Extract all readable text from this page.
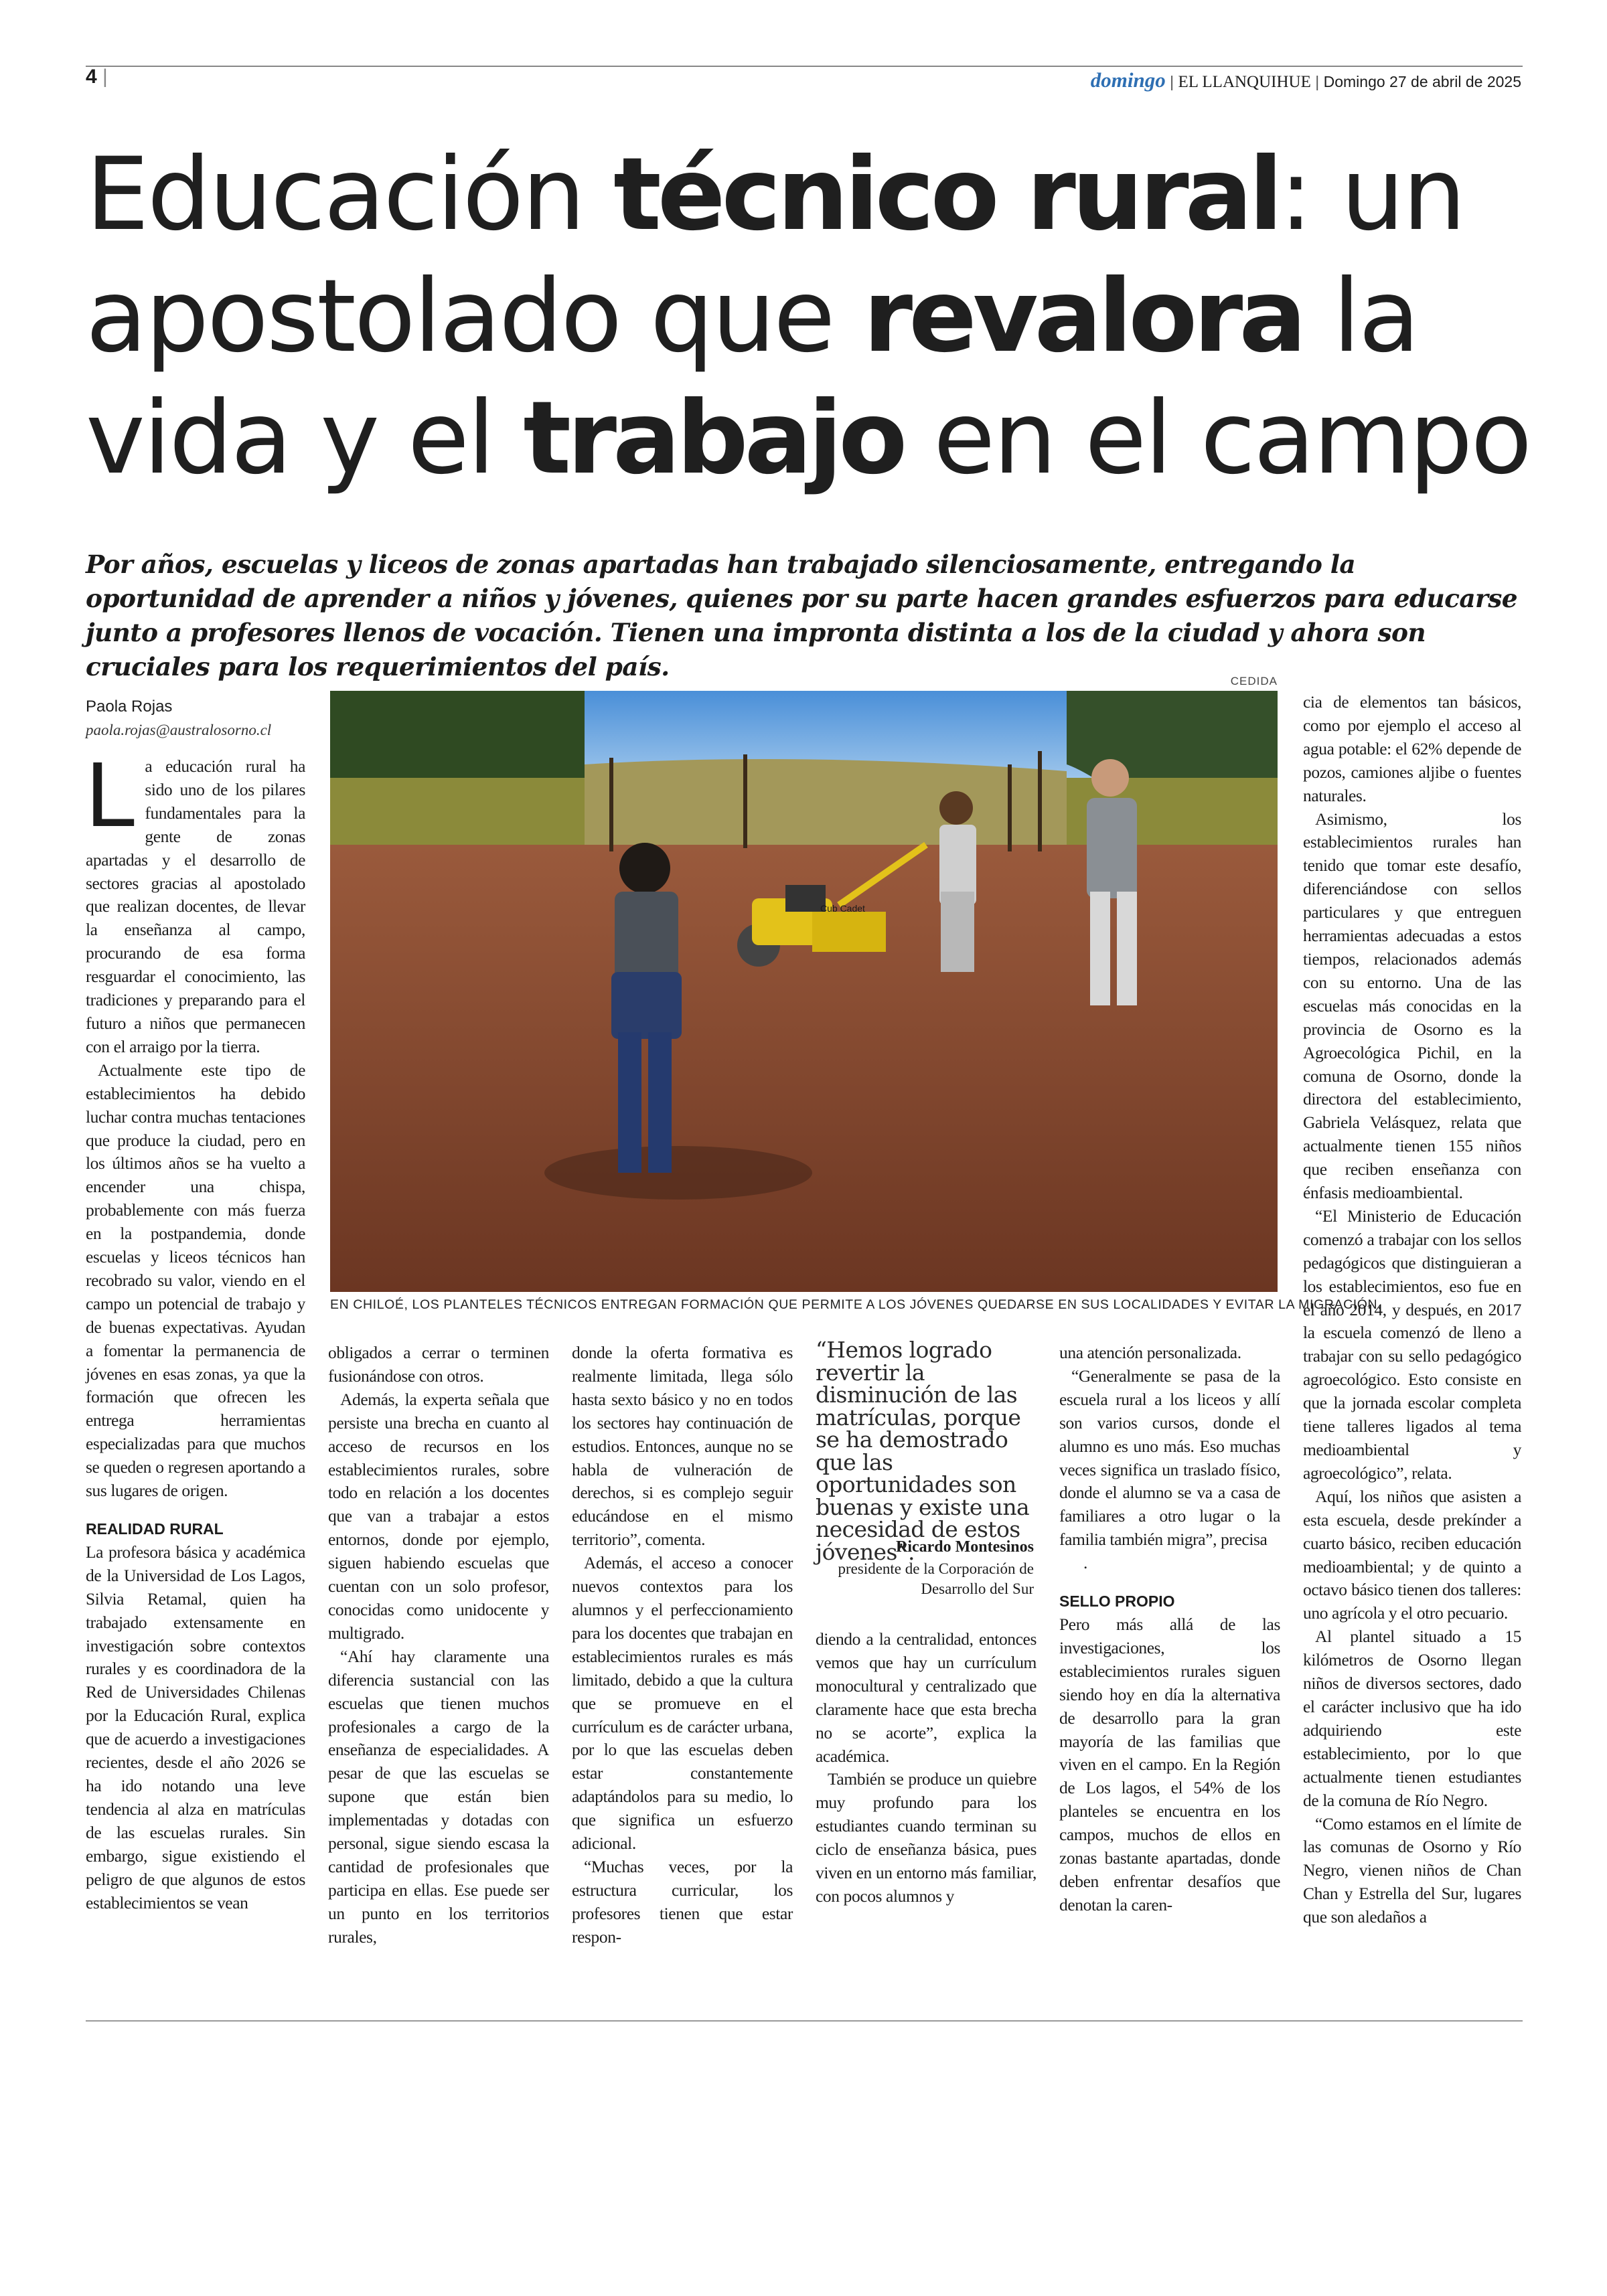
4 |	domingo | EL LLANQUIHUE | Domingo 27 de abril de 2025
Educación técnico rural: un
apostolado que revalora la
vida y el trabajo en el campo
Por años, escuelas y liceos de zonas apartadas han trabajado silenciosamente, entregando la oportunidad de aprender a niños y jóvenes, quienes por su parte hacen grandes esfuerzos para educarse junto a profesores llenos de vocación. Tienen una impronta distinta a los de la ciudad y ahora son cruciales para los requerimientos del país.
Paola Rojas
paola.rojas@australosorno.cl
CEDIDA
Cub Cadet
EN CHILOÉ, LOS PLANTELES TÉCNICOS ENTREGAN FORMACIÓN QUE PERMITE A LOS JÓVENES QUEDARSE EN SUS LOCALIDADES Y EVITAR LA MIGRACIÓN.

La educación rural ha sido uno de los pilares fundamentales para la gente de zonas apartadas y el desarrollo de sectores gracias al apostolado que realizan docentes, de llevar la enseñanza al campo, procurando de esa forma resguardar el conocimiento, las tradiciones y preparando para el futuro a niños que permanecen con el arraigo por la tierra.

Actualmente este tipo de establecimientos ha debido luchar contra muchas tentaciones que produce la ciudad, pero en los últimos años se ha vuelto a encender una chispa, probablemente con más fuerza en la postpandemia, donde escuelas y liceos técnicos han recobrado su valor, viendo en el campo un potencial de trabajo y de buenas expectativas. Ayudan a fomentar la permanencia de jóvenes en esas zonas, ya que la formación que ofrecen les entrega herramientas especializadas para que muchos se queden o regresen aportando a sus lugares de origen.

REALIDAD RURAL

La profesora básica y académica de la Universidad de Los Lagos, Silvia Retamal, quien ha trabajado extensamente en investigación sobre contextos rurales y es coordinadora de la Red de Universidades Chilenas por la Educación Rural, explica que de acuerdo a investigaciones recientes, desde el año 2026 se ha ido notando una leve tendencia al alza en matrículas de las escuelas rurales. Sin embargo, sigue existiendo el peligro de que algunos de estos establecimientos se vean

obligados a cerrar o terminen fusionándose con otros.

Además, la experta señala que persiste una brecha en cuanto al acceso de recursos en los establecimientos rurales, sobre todo en relación a los docentes que van a trabajar a estos entornos, donde por ejemplo, siguen habiendo escuelas que cuentan con un solo profesor, conocidas como unidocente y multigrado.

“Ahí hay claramente una diferencia sustancial con las escuelas que tienen muchos profesionales a cargo de la enseñanza de especialidades. A pesar de que las escuelas se supone que están bien implementadas y dotadas con personal, sigue siendo escasa la cantidad de profesionales que participa en ellas. Ese puede ser un punto en los territorios rurales,

donde la oferta formativa es realmente limitada, llega sólo hasta sexto básico y no en todos los sectores hay continuación de estudios. Entonces, aunque no se habla de vulneración de derechos, si es complejo seguir educándose en el mismo territorio”, comenta.

Además, el acceso a conocer nuevos contextos para los alumnos y el perfeccionamiento para los docentes que trabajan en establecimientos rurales es más limitado, debido a que la cultura que se promueve en el currículum es de carácter urbana, por lo que las escuelas deben estar constantemente adaptándolos para su medio, lo que significa un esfuerzo adicional.

“Muchas veces, por la estructura curricular, los profesores tienen que estar respon-

“Hemos logrado revertir la disminución de las matrículas, porque se ha demostrado que las oportunidades son buenas y existe una necesidad de estos jóvenes”.
Ricardo Montesinos
presidente de la Corporación de Desarrollo del Sur

diendo a la centralidad, entonces vemos que hay un currículum monocultural y centralizado que claramente hace que esta brecha no se acorte”, explica la académica.

También se produce un quiebre muy profundo para los estudiantes cuando terminan su ciclo de enseñanza básica, pues viven en un entorno más familiar, con pocos alumnos y

una atención personalizada.

“Generalmente se pasa de la escuela rural a los liceos y allí son varios cursos, donde el alumno es uno más. Eso muchas veces significa un traslado físico, donde el alumno se va a casa de familiares a otro lugar o la familia también migra”, precisa

.

SELLO PROPIO

Pero más allá de las investigaciones, los establecimientos rurales siguen siendo hoy en día la alternativa de desarrollo para la gran mayoría de las familias que viven en el campo. En la Región de Los lagos, el 54% de los planteles se encuentra en los campos, muchos de ellos en zonas bastante apartadas, donde deben enfrentar desafíos que denotan la caren-

cia de elementos tan básicos, como por ejemplo el acceso al agua potable: el 62% depende de pozos, camiones aljibe o fuentes naturales.

Asimismo, los establecimientos rurales han tenido que tomar este desafío, diferenciándose con sellos particulares y que entreguen herramientas adecuadas a estos tiempos, relacionados además con su entorno. Una de las escuelas más conocidas en la provincia de Osorno es la Agroecológica Pichil, en la comuna de Osorno, donde la directora del establecimiento, Gabriela Velásquez, relata que actualmente tienen 155 niños que reciben enseñanza con énfasis medioambiental.

“El Ministerio de Educación comenzó a trabajar con los sellos pedagógicos que distinguieran a los establecimientos, eso fue en el año 2014, y después, en 2017 la escuela comenzó de lleno a trabajar con su sello pedagógico agroecológico. Esto consiste en que la jornada escolar completa tiene talleres ligados al tema medioambiental y agroecológico”, relata.

Aquí, los niños que asisten a esta escuela, desde prekínder a cuarto básico, reciben educación medioambiental; y de quinto a octavo básico tienen dos talleres: uno agrícola y el otro pecuario.

Al plantel situado a 15 kilómetros de Osorno llegan niños de diversos sectores, dado el carácter inclusivo que ha ido adquiriendo este establecimiento, por lo que actualmente tienen estudiantes de la comuna de Río Negro.

“Como estamos en el límite de las comunas de Osorno y Río Negro, vienen niños de Chan Chan y Estrella del Sur, lugares que son aledaños a
